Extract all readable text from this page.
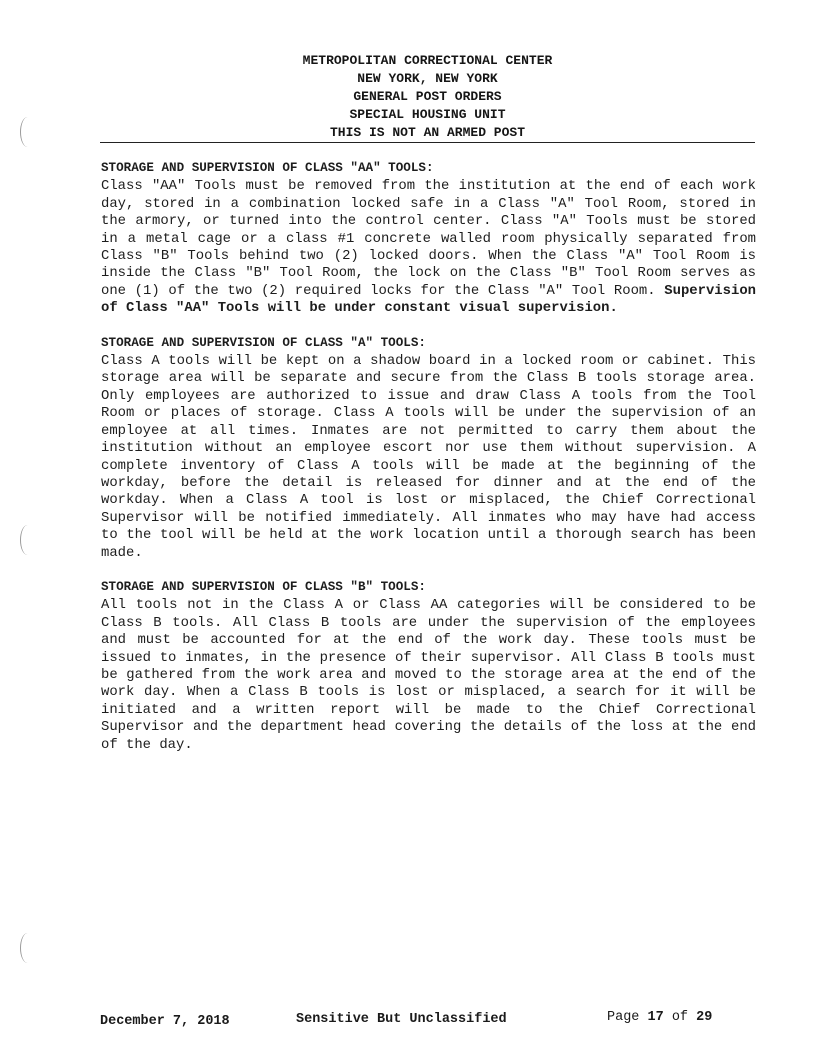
METROPOLITAN CORRECTIONAL CENTER
NEW YORK, NEW YORK
GENERAL POST ORDERS
SPECIAL HOUSING UNIT
THIS IS NOT AN ARMED POST
STORAGE AND SUPERVISION OF CLASS "AA" TOOLS:

Class "AA" Tools must be removed from the institution at the end of each work day, stored in a combination locked safe in a Class "A" Tool Room, stored in the armory, or turned into the control center. Class "A" Tools must be stored in a metal cage or a class #1 concrete walled room physically separated from Class "B" Tools behind two (2) locked doors. When the Class "A" Tool Room is inside the Class "B" Tool Room, the lock on the Class "B" Tool Room serves as one (1) of the two (2) required locks for the Class "A" Tool Room. Supervision of Class "AA" Tools will be under constant visual supervision.

STORAGE AND SUPERVISION OF CLASS "A" TOOLS:

Class A tools will be kept on a shadow board in a locked room or cabinet. This storage area will be separate and secure from the Class B tools storage area. Only employees are authorized to issue and draw Class A tools from the Tool Room or places of storage. Class A tools will be under the supervision of an employee at all times. Inmates are not permitted to carry them about the institution without an employee escort nor use them without supervision. A complete inventory of Class A tools will be made at the beginning of the workday, before the detail is released for dinner and at the end of the workday. When a Class A tool is lost or misplaced, the Chief Correctional Supervisor will be notified immediately. All inmates who may have had access to the tool will be held at the work location until a thorough search has been made.

STORAGE AND SUPERVISION OF CLASS "B" TOOLS:

All tools not in the Class A or Class AA categories will be considered to be Class B tools. All Class B tools are under the supervision of the employees and must be accounted for at the end of the work day. These tools must be issued to inmates, in the presence of their supervisor. All Class B tools must be gathered from the work area and moved to the storage area at the end of the work day. When a Class B tools is lost or misplaced, a search for it will be initiated and a written report will be made to the Chief Correctional Supervisor and the department head covering the details of the loss at the end of the day.

December 7, 2018	Sensitive But Unclassified	Page 17 of 29
